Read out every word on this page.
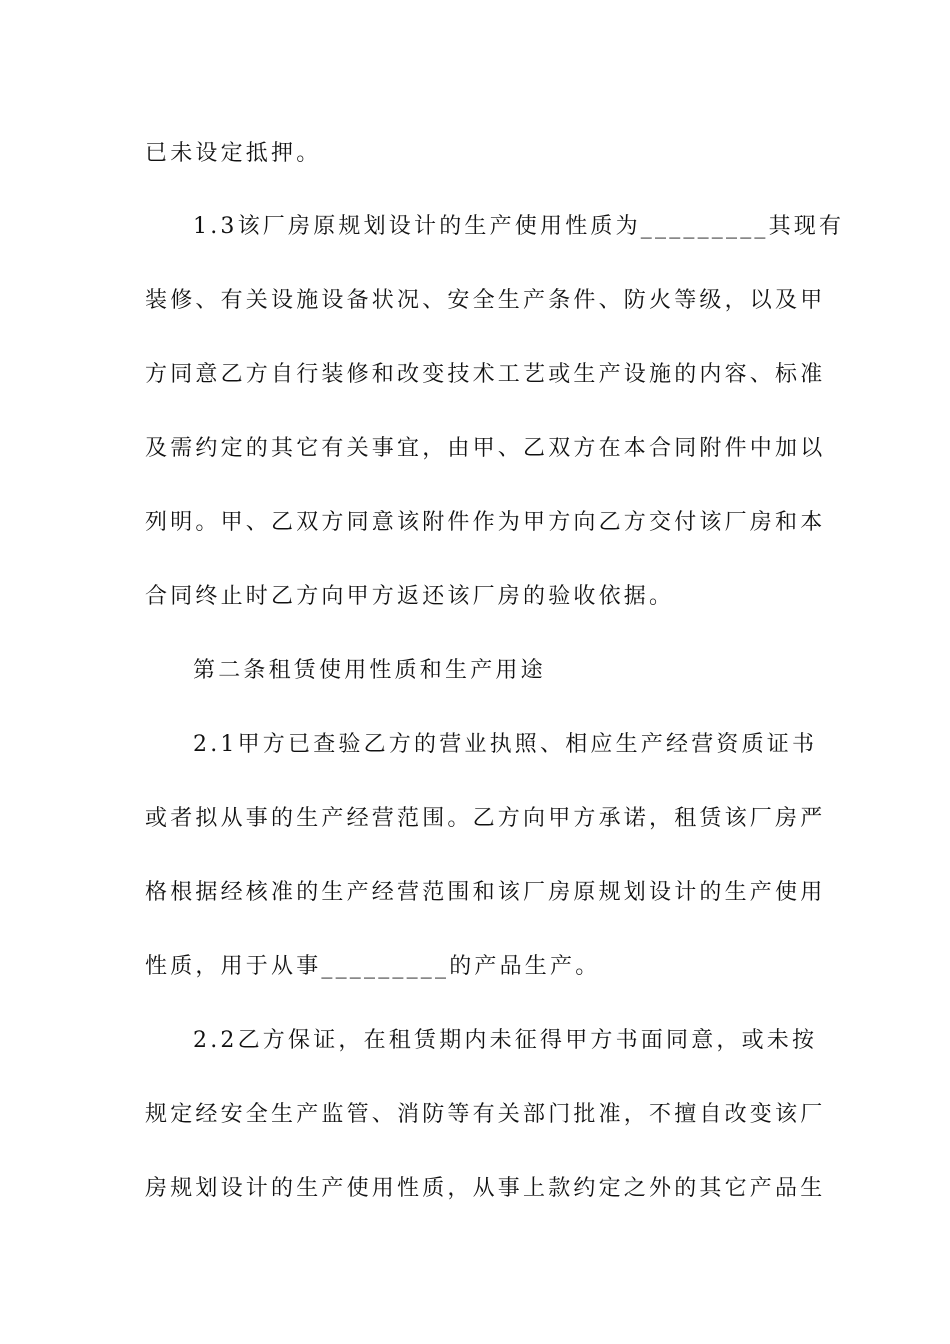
已未设定抵押。
1.3该厂房原规划设计的生产使用性质为_________其现有
装修、有关设施设备状况、安全生产条件、防火等级，以及甲
方同意乙方自行装修和改变技术工艺或生产设施的内容、标准
及需约定的其它有关事宜，由甲、乙双方在本合同附件中加以
列明。甲、乙双方同意该附件作为甲方向乙方交付该厂房和本
合同终止时乙方向甲方返还该厂房的验收依据。
第二条租赁使用性质和生产用途
2.1甲方已查验乙方的营业执照、相应生产经营资质证书
或者拟从事的生产经营范围。乙方向甲方承诺，租赁该厂房严
格根据经核准的生产经营范围和该厂房原规划设计的生产使用
性质，用于从事_________的产品生产。
2.2乙方保证，在租赁期内未征得甲方书面同意，或未按
规定经安全生产监管、消防等有关部门批准，不擅自改变该厂
房规划设计的生产使用性质，从事上款约定之外的其它产品生
